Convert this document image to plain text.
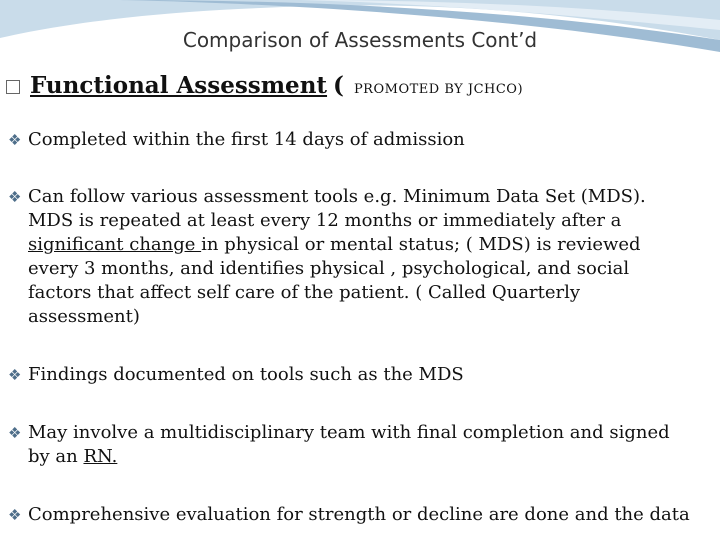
Comparison of Assessments Cont’d
Functional Assessment ( PROMOTED BY JCHCO)
❖ Completed within the first 14 days of admission
❖ Can follow various assessment tools e.g. Minimum Data Set (MDS).
MDS is repeated at least every 12 months or immediately after a
significant change in physical or mental status; ( MDS) is reviewed
every 3 months, and identifies physical , psychological, and social
factors that affect self care of the patient. ( Called Quarterly
assessment)
❖ Findings documented on tools such as the MDS
❖ May involve a multidisciplinary team with final completion and signed
by an RN.
❖ Comprehensive evaluation for strength or decline are done and the data
